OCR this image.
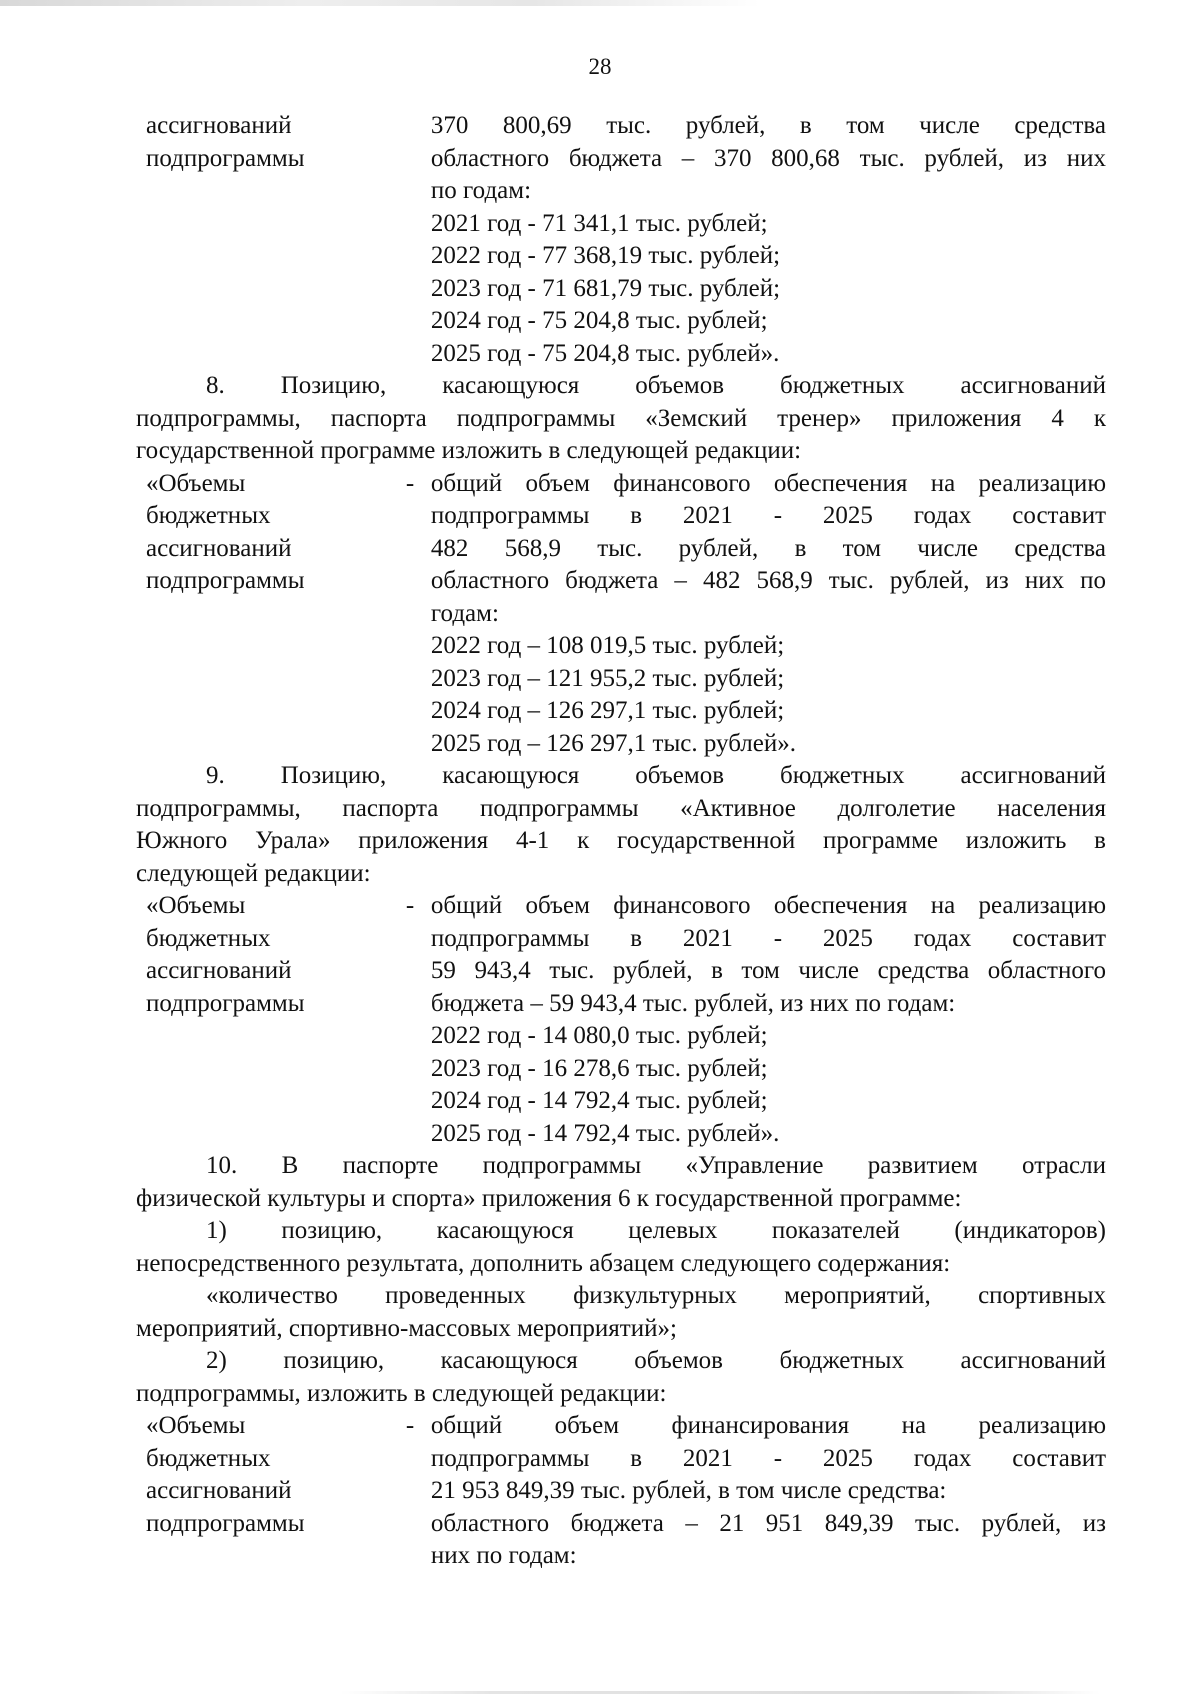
28
ассигнований	370 800,69 тыс. рублей, в том числе средства
подпрограммы	областного бюджета – 370 800,68 тыс. рублей, из них
по годам:
2021 год - 71 341,1 тыс. рублей;
2022 год - 77 368,19 тыс. рублей;
2023 год - 71 681,79 тыс. рублей;
2024 год - 75 204,8 тыс. рублей;
2025 год - 75 204,8 тыс. рублей».
8. Позицию, касающуюся объемов бюджетных ассигнований
подпрограммы, паспорта подпрограммы «Земский тренер» приложения 4 к
государственной программе изложить в следующей редакции:
«Объемы	- общий объем финансового обеспечения на реализацию
бюджетных	подпрограммы в 2021 - 2025 годах составит
ассигнований	482 568,9 тыс. рублей, в том числе средства
подпрограммы	областного бюджета – 482 568,9 тыс. рублей, из них по
годам:
2022 год – 108 019,5 тыс. рублей;
2023 год – 121 955,2 тыс. рублей;
2024 год – 126 297,1 тыс. рублей;
2025 год – 126 297,1 тыс. рублей».
9. Позицию, касающуюся объемов бюджетных ассигнований
подпрограммы, паспорта подпрограммы «Активное долголетие населения
Южного Урала» приложения 4-1 к государственной программе изложить в
следующей редакции:
«Объемы	- общий объем финансового обеспечения на реализацию
бюджетных	подпрограммы в 2021 - 2025 годах составит
ассигнований	59 943,4 тыс. рублей, в том числе средства областного
подпрограммы	бюджета – 59 943,4 тыс. рублей, из них по годам:
2022 год - 14 080,0 тыс. рублей;
2023 год - 16 278,6 тыс. рублей;
2024 год - 14 792,4 тыс. рублей;
2025 год - 14 792,4 тыс. рублей».
10. В паспорте подпрограммы «Управление развитием отрасли
физической культуры и спорта» приложения 6 к государственной программе:
1) позицию, касающуюся целевых показателей (индикаторов)
непосредственного результата, дополнить абзацем следующего содержания:
«количество проведенных физкультурных мероприятий, спортивных
мероприятий, спортивно-массовых мероприятий»;
2) позицию, касающуюся объемов бюджетных ассигнований
подпрограммы, изложить в следующей редакции:
«Объемы	- общий объем финансирования на реализацию
бюджетных	подпрограммы в 2021 - 2025 годах составит
ассигнований	21 953 849,39 тыс. рублей, в том числе средства:
подпрограммы	областного бюджета – 21 951 849,39 тыс. рублей, из
них по годам:
